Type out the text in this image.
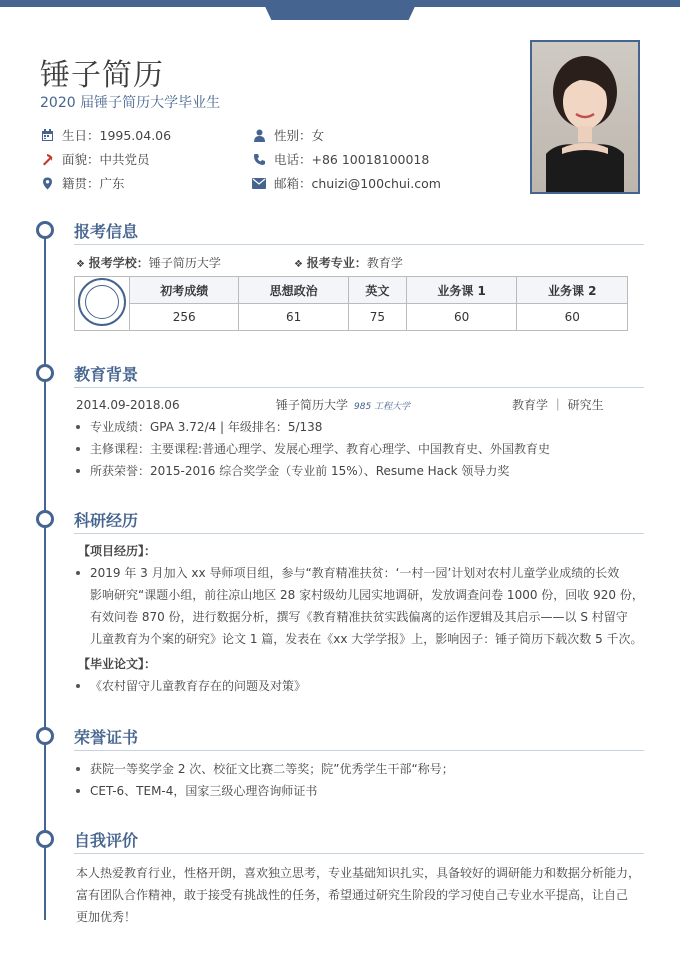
锤子简历
2020 届锤子简历大学毕业生
生日：1995.04.06	性别：女
面貌：中共党员	电话：+86 10018100018
籍贯：广东	邮箱：chuizi@100chui.com
报考信息
❖ 报考学校：锤子简历大学	❖ 报考专业：教育学
	初考成绩	思想政治	英文	业务课 1	业务课 2
	256	61	75	60	60
教育背景
2014.09-2018.06	锤子简历大学 985 工程大学	教育学 ｜ 研究生
专业成绩：GPA 3.72/4 | 年级排名：5/138
主修课程：主要课程:普通心理学、发展心理学、教育心理学、中国教育史、外国教育史
所获荣誉：2015-2016 综合奖学金（专业前 15%）、Resume Hack 领导力奖
科研经历
【项目经历】：
2019 年 3 月加入 xx 导师项目组，参与“教育精准扶贫：‘一村一园’计划对农村儿童学业成绩的长效
影响研究“课题小组，前往凉山地区 28 家村级幼儿园实地调研，发放调查问卷 1000 份，回收 920 份，
有效问卷 870 份，进行数据分析，撰写《教育精准扶贫实践偏离的运作逻辑及其启示——以 S 村留守
儿童教育为个案的研究》论文 1 篇，发表在《xx 大学学报》上，影响因子：锤子简历下载次数 5 千次。
【毕业论文】：
《农村留守儿童教育存在的问题及对策》
荣誉证书
获院一等奖学金 2 次、校征文比赛二等奖；院”优秀学生干部“称号；
CET-6、TEM-4，国家三级心理咨询师证书
自我评价
本人热爱教育行业，性格开朗，喜欢独立思考，专业基础知识扎实，具备较好的调研能力和数据分析能力，
富有团队合作精神，敢于接受有挑战性的任务，希望通过研究生阶段的学习使自己专业水平提高，让自己
更加优秀！
